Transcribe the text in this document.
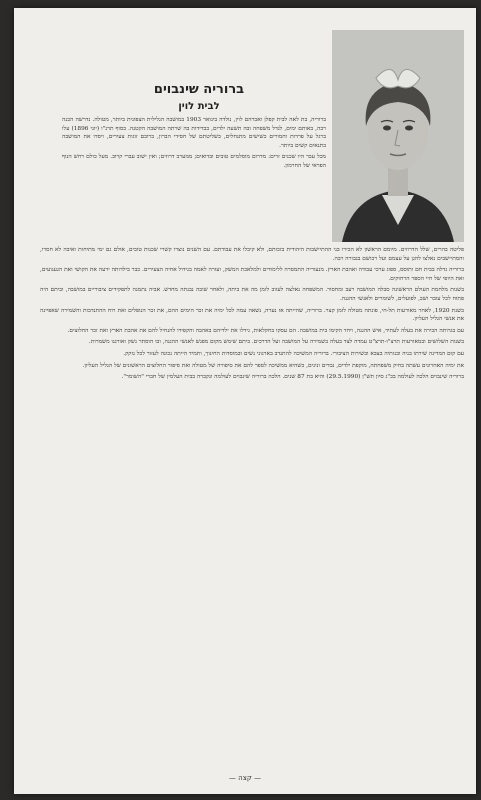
ברוריה שינבוים
לבית לוין

ברוריה, בת לאה לבית קפלן ואברהם לוין, נולדה בינואר 1903 במושבה הגלילית הצפונית ביותר, מטולה. נדרשה הכנה רבה, באותם ימים, לגדל משפחה ובה תשעה ילדים, בבדידות בה שרתה המושבה הקטנה. בסוף תרנ"ו (יוני 1896) עלו ברגל על פרדות וחמורים כשישים מתנחלים, בשליטתם של חסידי הברון, ברובם זוגות צעירים, ויסדו את המושבה בתנאים קשים ביותר.

מכל עבר היו שכנים זרים: מדרום מוסלמים טובים ובדואים; ממערב דרוזים; ואין ישוב עברי קרוב. מעל כולם רחש הנוף הפראי של החרמון.

פליטה בהרים, שלל הדרוזים. מיומם הראשון לא הכירו בני ההתיישבות היהודית בזכותם, ולא קיבלו את עבודתם. עם השנים נוצרו קשרי שכנות טובים, אולם גם ימי מתיחות ואיבה לא חסרו, והמתיישבים נאלצו להגן על עצמם ועל רכושם בגבורה רבה.

ברוריה גדלה בבית חם ותוסס, ספוג ערכי עבודה ואהבת הארץ. מנעוריה התמסרה ללימודים ולמלאכת המשק, ועזרה לאמה בגידול אחיה הצעירים. כבר בילדותה ידעה את הקושי ואת הגעגועים, ואת היופי של חיי הספר הרחוקים.

בשנות מלחמת העולם הראשונה סבלה המושבה רעב ומחסור. המשפחה נאלצה לעזוב לזמן מה את ביתה, ולאחר שובה נבנתה מחדש. אביה נתמנה לתפקידים ציבוריים במושבה, וביתם היה פתוח לכל עובר ושב, לפועלים, לשומרים ולאנשי ההגנה.

בשנת 1920, לאחר מאורעות תל-חי, פונתה מטולה לזמן קצר. ברוריה, שהייתה אז נערה, נשאה עמה לכל ימיה את זכר הימים ההם, את זכר הנופלים ואת רוח ההתנדבות והשמירה שאפיינה את אנשי הגליל העליון.

עם בגרותה הכירה את בעלה לעתיד, איש ההגנה, ויחד הקימו בית במושבה. הם עסקו בחקלאות, גידלו את ילדיהם באהבה והקפידו להנחיל להם את אהבת הארץ ואת זכר החלוצים.

בשנות השלושים ובמאורעות תרצ"ו-תרצ"ט עמדה לצד בעלה בשמירה על המושבה ועל הדרכים. ביתם שימש מקום מפגש לאנשי ההגנה, ובו הוסתר נשק ואורגנו משמרות.

עם קום המדינה שירתו בניה ובנותיה בצבא ובשירות הציבורי. ברוריה המשיכה להתנדב בארגוני נשים ובמוסדות החינוך, ותמיד הייתה נכונה לעזור לכל נזקק.

את ימיה האחרונים עשתה בחיק משפחתה, מוקפת ילדים, נכדים ונינים, כשהיא ממשיכה לספר להם את סיפורה של מטולה ואת סיפור החלוצים הראשונים של הגליל העליון.

ברוריה שינבוים הלכה לעולמה בכ"ג סיון תש"ן (29.5.1990) והיא בת 87 שנים. הלכה ברוריה שינבוים לעולמה ונקברה בבית העלמין של חברי "השומר".

— קצה —
